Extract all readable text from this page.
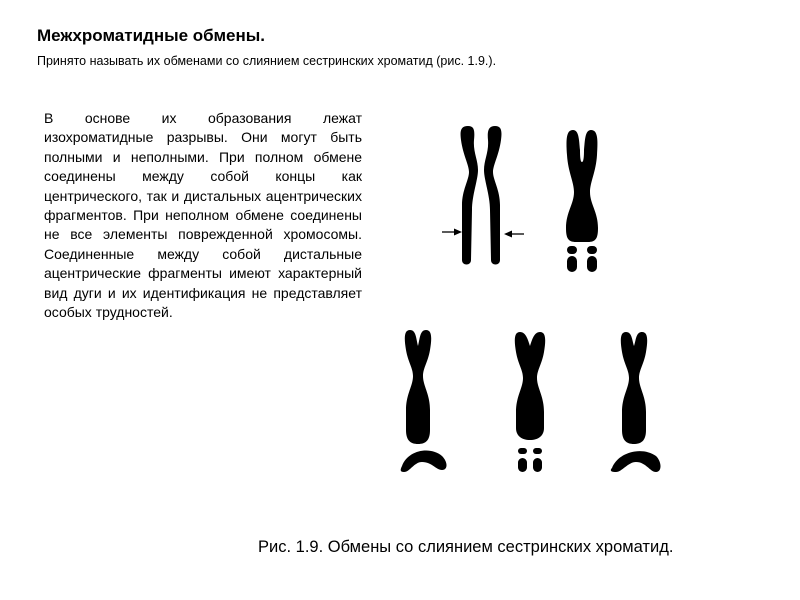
Межхроматидные обмены.

Принято называть их обменами со слиянием сестринских хроматид (рис. 1.9.).

В основе их образования лежат изохроматидные разрывы. Они могут быть полными и неполными. При полном обмене соединены между собой концы как центрического, так и дистальных ацентрических фрагментов. При неполном обмене соединены не все элементы поврежденной хромосомы. Соединенные между собой дистальные ацентрические фрагменты имеют характерный вид дуги и их идентификация не представляет особых трудностей.

Рис. 1.9. Обмены со слиянием сестринских хроматид.
